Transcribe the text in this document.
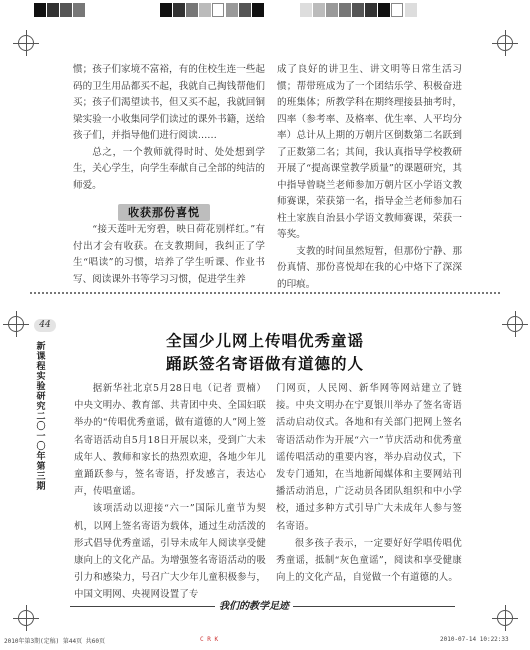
惯；孩子们家境不富裕，有的住校生连一些起码的卫生用品都买不起，我就自己掏钱帮他们买；孩子们渴望读书，但又买不起，我就回铜梁实验一小收集同学们读过的课外书籍，送给孩子们，并指导他们进行阅读……

总之，一个教师就得时时、处处想到学生，关心学生，向学生奉献自己全部的纯洁的师爱。

收获那份喜悦

“接天莲叶无穷碧，映日荷花别样红。”有付出才会有收获。在支教期间，我纠正了学生“唱读”的习惯，培养了学生听课、作业书写、阅读课外书等学习习惯，促进学生养

成了良好的讲卫生、讲文明等日常生活习惯；帮带班成为了一个团结乐学、积极奋进的班集体；所教学科在期终理接县抽考时，四率（参考率、及格率、优生率、人平均分率）总计从上期的万朝片区倒数第二名跃到了正数第二名；其间，我认真指导学校教研开展了“提高课堂教学质量”的课题研究，其中指导曾晓兰老师参加万朝片区小学语文教师赛课，荣获第一名，指导金兰老师参加石柱土家族自治县小学语文教师赛课，荣获一等奖。

支教的时间虽然短暂，但那份宁静、那份真情、那份喜悦却在我的心中烙下了深深的印痕。

44
新课程实验研究 二〇一〇年 第三期
全国少儿网上传唱优秀童谣
踊跃签名寄语做有道德的人

据新华社北京5月28日电（记者 贾楠）中央文明办、教育部、共青团中央、全国妇联举办的“传唱优秀童谣，做有道德的人”网上签名寄语活动自5月18日开展以来，受到广大未成年人、教师和家长的热烈欢迎，各地少年儿童踊跃参与，签名寄语，抒发感言，表达心声，传唱童谣。

该项活动以迎接“六一”国际儿童节为契机，以网上签名寄语为载体，通过生动活泼的形式倡导优秀童谣，引导未成年人阅读享受健康向上的文化产品。为增强签名寄语活动的吸引力和感染力，号召广大少年儿童积极参与，中国文明网、央视网设置了专

门网页，人民网、新华网等网站建立了链接。中央文明办在宁夏银川举办了签名寄语活动启动仪式。各地和有关部门把网上签名寄语活动作为开展“六一”节庆活动和优秀童谣传唱活动的重要内容，举办启动仪式，下发专门通知，在当地新闻媒体和主要网站刊播活动消息，广泛动员各团队组织和中小学校，通过多种方式引导广大未成年人参与签名寄语。

很多孩子表示，一定要好好学唱传唱优秀童谣，抵制“灰色童谣”，阅读和享受健康向上的文化产品，自觉做一个有道德的人。

我们的教学足迹
2010年第3期(定稿) 第44页 共60页	C R K	2010-07-14 10:22:33
